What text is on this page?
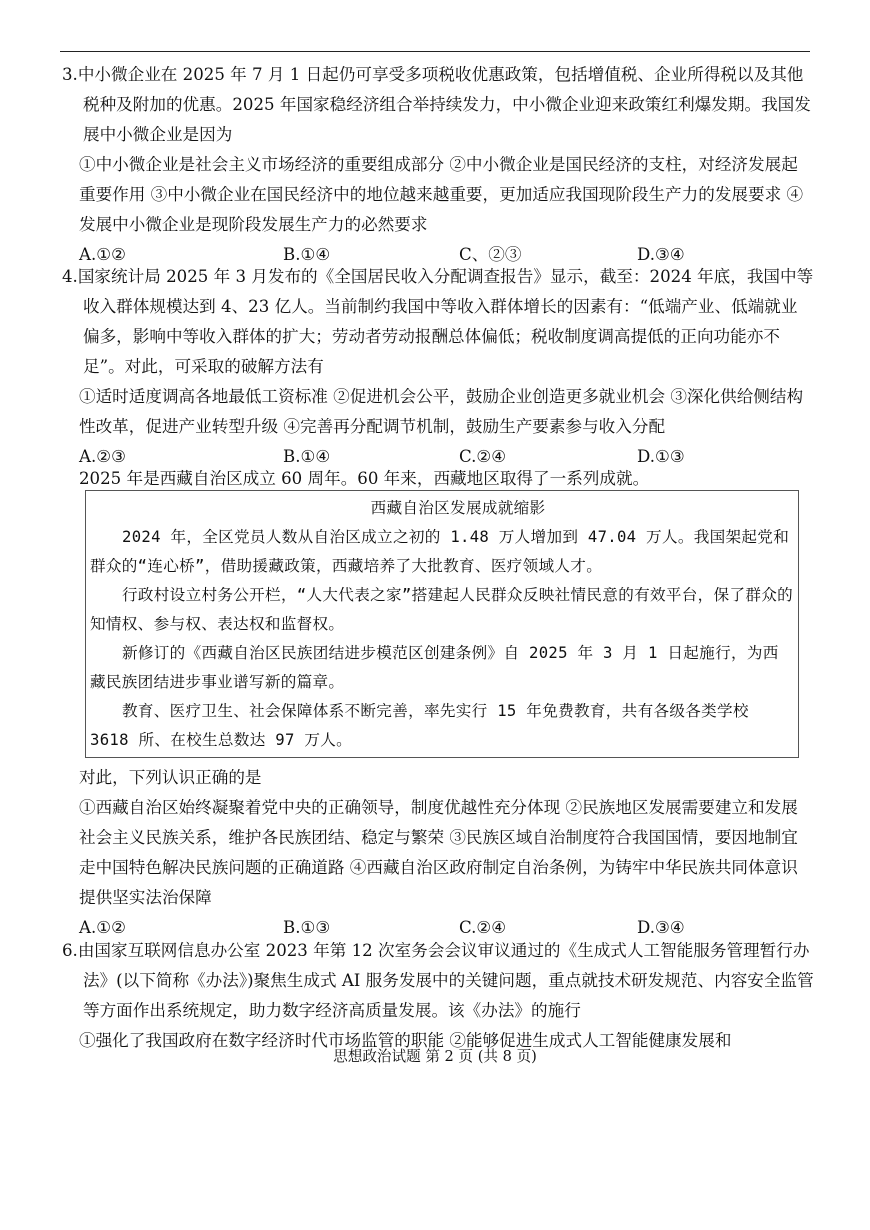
3.中小微企业在 2025 年 7 月 1 日起仍可享受多项税收优惠政策，包括增值税、企业所得税以及其他税种及附加的优惠。2025 年国家稳经济组合举持续发力，中小微企业迎来政策红利爆发期。我国发展中小微企业是因为

①中小微企业是社会主义市场经济的重要组成部分 ②中小微企业是国民经济的支柱，对经济发展起重要作用 ③中小微企业在国民经济中的地位越来越重要，更加适应我国现阶段生产力的发展要求 ④发展中小微企业是现阶段发展生产力的必然要求

A.①②	B.①④	C、②③	D.③④

4.国家统计局 2025 年 3 月发布的《全国居民收入分配调查报告》显示，截至：2024 年底，我国中等收入群体规模达到 4、23 亿人。当前制约我国中等收入群体增长的因素有：“低端产业、低端就业偏多，影响中等收入群体的扩大；劳动者劳动报酬总体偏低；税收制度调高提低的正向功能亦不足”。对此，可采取的破解方法有

①适时适度调高各地最低工资标准 ②促进机会公平，鼓励企业创造更多就业机会 ③深化供给侧结构性改革，促进产业转型升级 ④完善再分配调节机制，鼓励生产要素参与收入分配

A.②③	B.①④	C.②④	D.①③

2025 年是西藏自治区成立 60 周年。60 年来，西藏地区取得了一系列成就。

西藏自治区发展成就缩影

2024 年，全区党员人数从自治区成立之初的 1.48 万人增加到 47.04 万人。我国架起党和群众的“连心桥”，借助援藏政策，西藏培养了大批教育、医疗领域人才。

行政村设立村务公开栏，“人大代表之家”搭建起人民群众反映社情民意的有效平台，保了群众的知情权、参与权、表达权和监督权。

新修订的《西藏自治区民族团结进步模范区创建条例》自 2025 年 3 月 1 日起施行，为西藏民族团结进步事业谱写新的篇章。

教育、医疗卫生、社会保障体系不断完善，率先实行 15 年免费教育，共有各级各类学校 3618 所、在校生总数达 97 万人。

对此，下列认识正确的是

①西藏自治区始终凝聚着党中央的正确领导，制度优越性充分体现 ②民族地区发展需要建立和发展社会主义民族关系，维护各民族团结、稳定与繁荣 ③民族区域自治制度符合我国国情，要因地制宜走中国特色解决民族问题的正确道路 ④西藏自治区政府制定自治条例，为铸牢中华民族共同体意识提供坚实法治保障

A.①②	B.①③	C.②④	D.③④

6.由国家互联网信息办公室 2023 年第 12 次室务会会议审议通过的《生成式人工智能服务管理暂行办法》(以下简称《办法》)聚焦生成式 AI 服务发展中的关键问题，重点就技术研发规范、内容安全监管等方面作出系统规定，助力数字经济高质量发展。该《办法》的施行

①强化了我国政府在数字经济时代市场监管的职能 ②能够促进生成式人工智能健康发展和

思想政治试题 第 2 页 (共 8 页)
